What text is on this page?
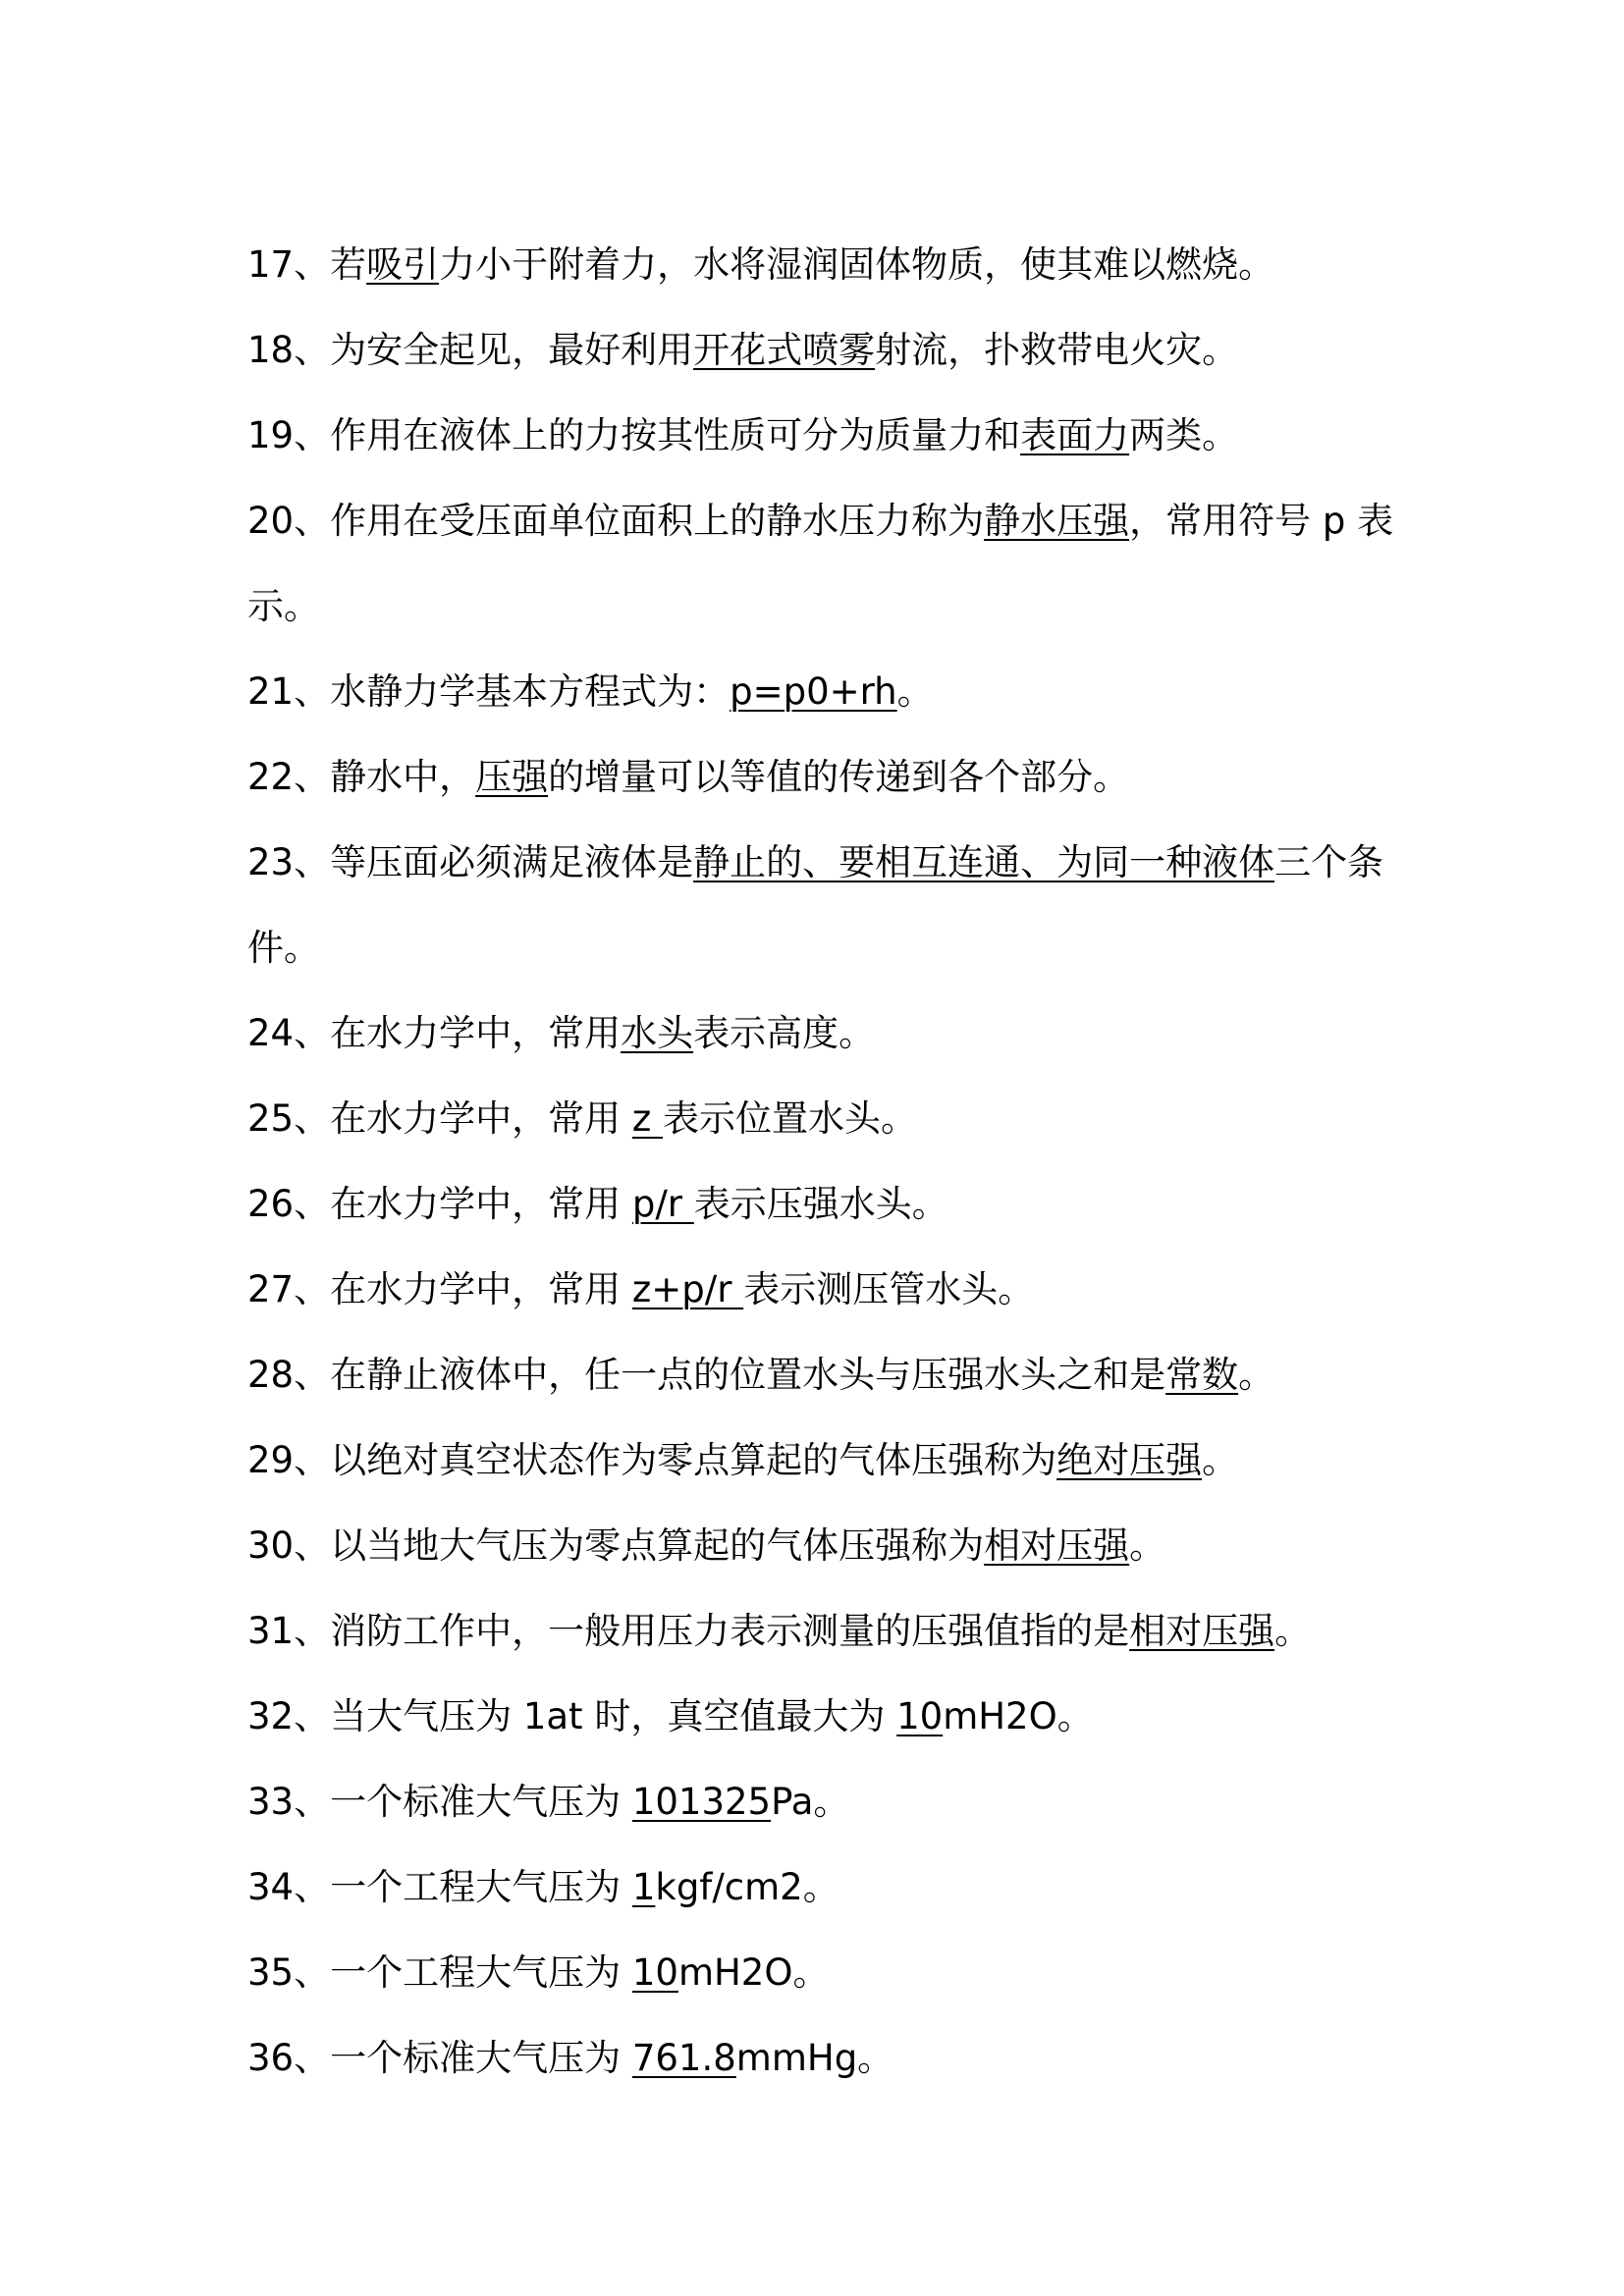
17、若吸引力小于附着力，水将湿润固体物质，使其难以燃烧。

18、为安全起见，最好利用开花式喷雾射流，扑救带电火灾。

19、作用在液体上的力按其性质可分为质量力和表面力两类。

20、作用在受压面单位面积上的静水压力称为静水压强，常用符号 p 表示。

21、水静力学基本方程式为：p=p0+rh。

22、静水中，压强的增量可以等值的传递到各个部分。

23、等压面必须满足液体是静止的、要相互连通、为同一种液体三个条件。

24、在水力学中，常用水头表示高度。

25、在水力学中，常用 z 表示位置水头。

26、在水力学中，常用 p/r 表示压强水头。

27、在水力学中，常用 z+p/r 表示测压管水头。

28、在静止液体中，任一点的位置水头与压强水头之和是常数。

29、以绝对真空状态作为零点算起的气体压强称为绝对压强。

30、以当地大气压为零点算起的气体压强称为相对压强。

31、消防工作中，一般用压力表示测量的压强值指的是相对压强。

32、当大气压为 1at 时，真空值最大为 10mH2O。

33、一个标准大气压为 101325Pa。

34、一个工程大气压为 1kgf/cm2。

35、一个工程大气压为 10mH2O。

36、一个标准大气压为 761.8mmHg。
